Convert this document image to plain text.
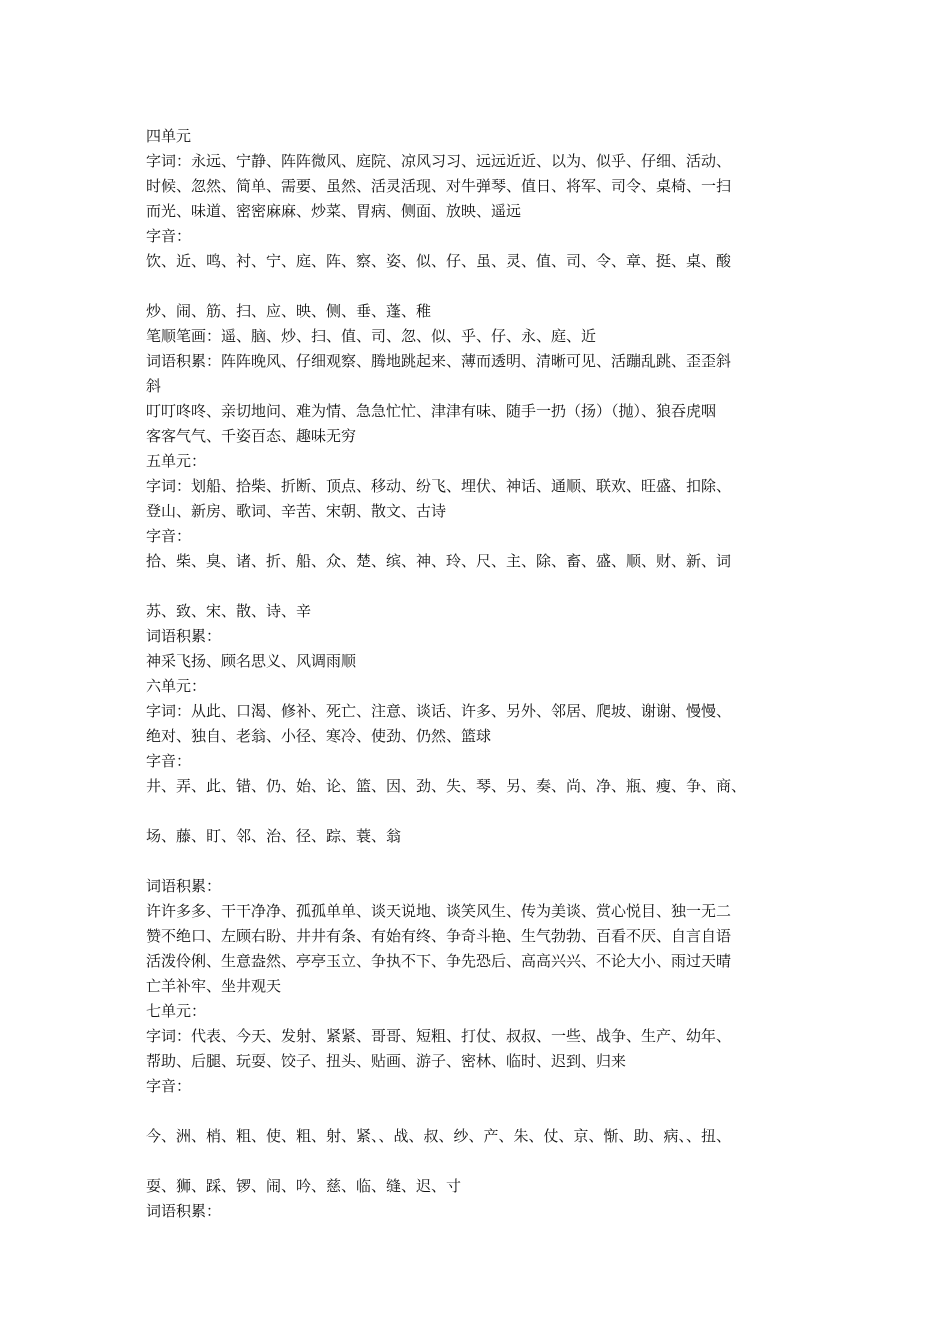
四单元

字词：永远、宁静、阵阵微风、庭院、凉风习习、远远近近、以为、似乎、仔细、活动、

时候、忽然、简单、需要、虽然、活灵活现、对牛弹琴、值日、将军、司令、桌椅、一扫

而光、味道、密密麻麻、炒菜、胃病、侧面、放映、遥远

字音：

饮、近、鸣、衬、宁、庭、阵、察、姿、似、仔、虽、灵、值、司、令、章、挺、桌、酸

炒、闹、筋、扫、应、映、侧、垂、蓬、稚

笔顺笔画：遥、脑、炒、扫、值、司、忽、似、乎、仔、永、庭、近

词语积累：阵阵晚风、仔细观察、腾地跳起来、薄而透明、清晰可见、活蹦乱跳、歪歪斜

斜

叮叮咚咚、亲切地问、难为情、急急忙忙、津津有味、随手一扔（扬）（抛）、狼吞虎咽

客客气气、千姿百态、趣味无穷

五单元：

字词：划船、拾柴、折断、顶点、移动、纷飞、埋伏、神话、通顺、联欢、旺盛、扣除、

登山、新房、歌词、辛苦、宋朝、散文、古诗

字音：

拾、柴、臭、诸、折、船、众、楚、缤、神、玲、尺、主、除、畜、盛、顺、财、新、词

苏、致、宋、散、诗、辛

词语积累：

神采飞扬、顾名思义、风调雨顺

六单元：

字词：从此、口渴、修补、死亡、注意、谈话、许多、另外、邻居、爬坡、谢谢、慢慢、

绝对、独自、老翁、小径、寒冷、使劲、仍然、篮球

字音：

井、弄、此、错、仍、始、论、篮、因、劲、失、琴、另、奏、尚、净、瓶、瘦、争、商、

场、藤、盯、邻、治、径、踪、蓑、翁

词语积累：

许许多多、干干净净、孤孤单单、谈天说地、谈笑风生、传为美谈、赏心悦目、独一无二

赞不绝口、左顾右盼、井井有条、有始有终、争奇斗艳、生气勃勃、百看不厌、自言自语

活泼伶俐、生意盎然、亭亭玉立、争执不下、争先恐后、高高兴兴、不论大小、雨过天晴

亡羊补牢、坐井观天

七单元：

字词：代表、今天、发射、紧紧、哥哥、短粗、打仗、叔叔、一些、战争、生产、幼年、

帮助、后腿、玩耍、饺子、扭头、贴画、游子、密林、临时、迟到、归来

字音：

今、洲、梢、粗、使、粗、射、紧、、战、叔、纱、产、朱、仗、京、惭、助、病、、扭、

耍、狮、踩、锣、闹、吟、慈、临、缝、迟、寸

词语积累：
